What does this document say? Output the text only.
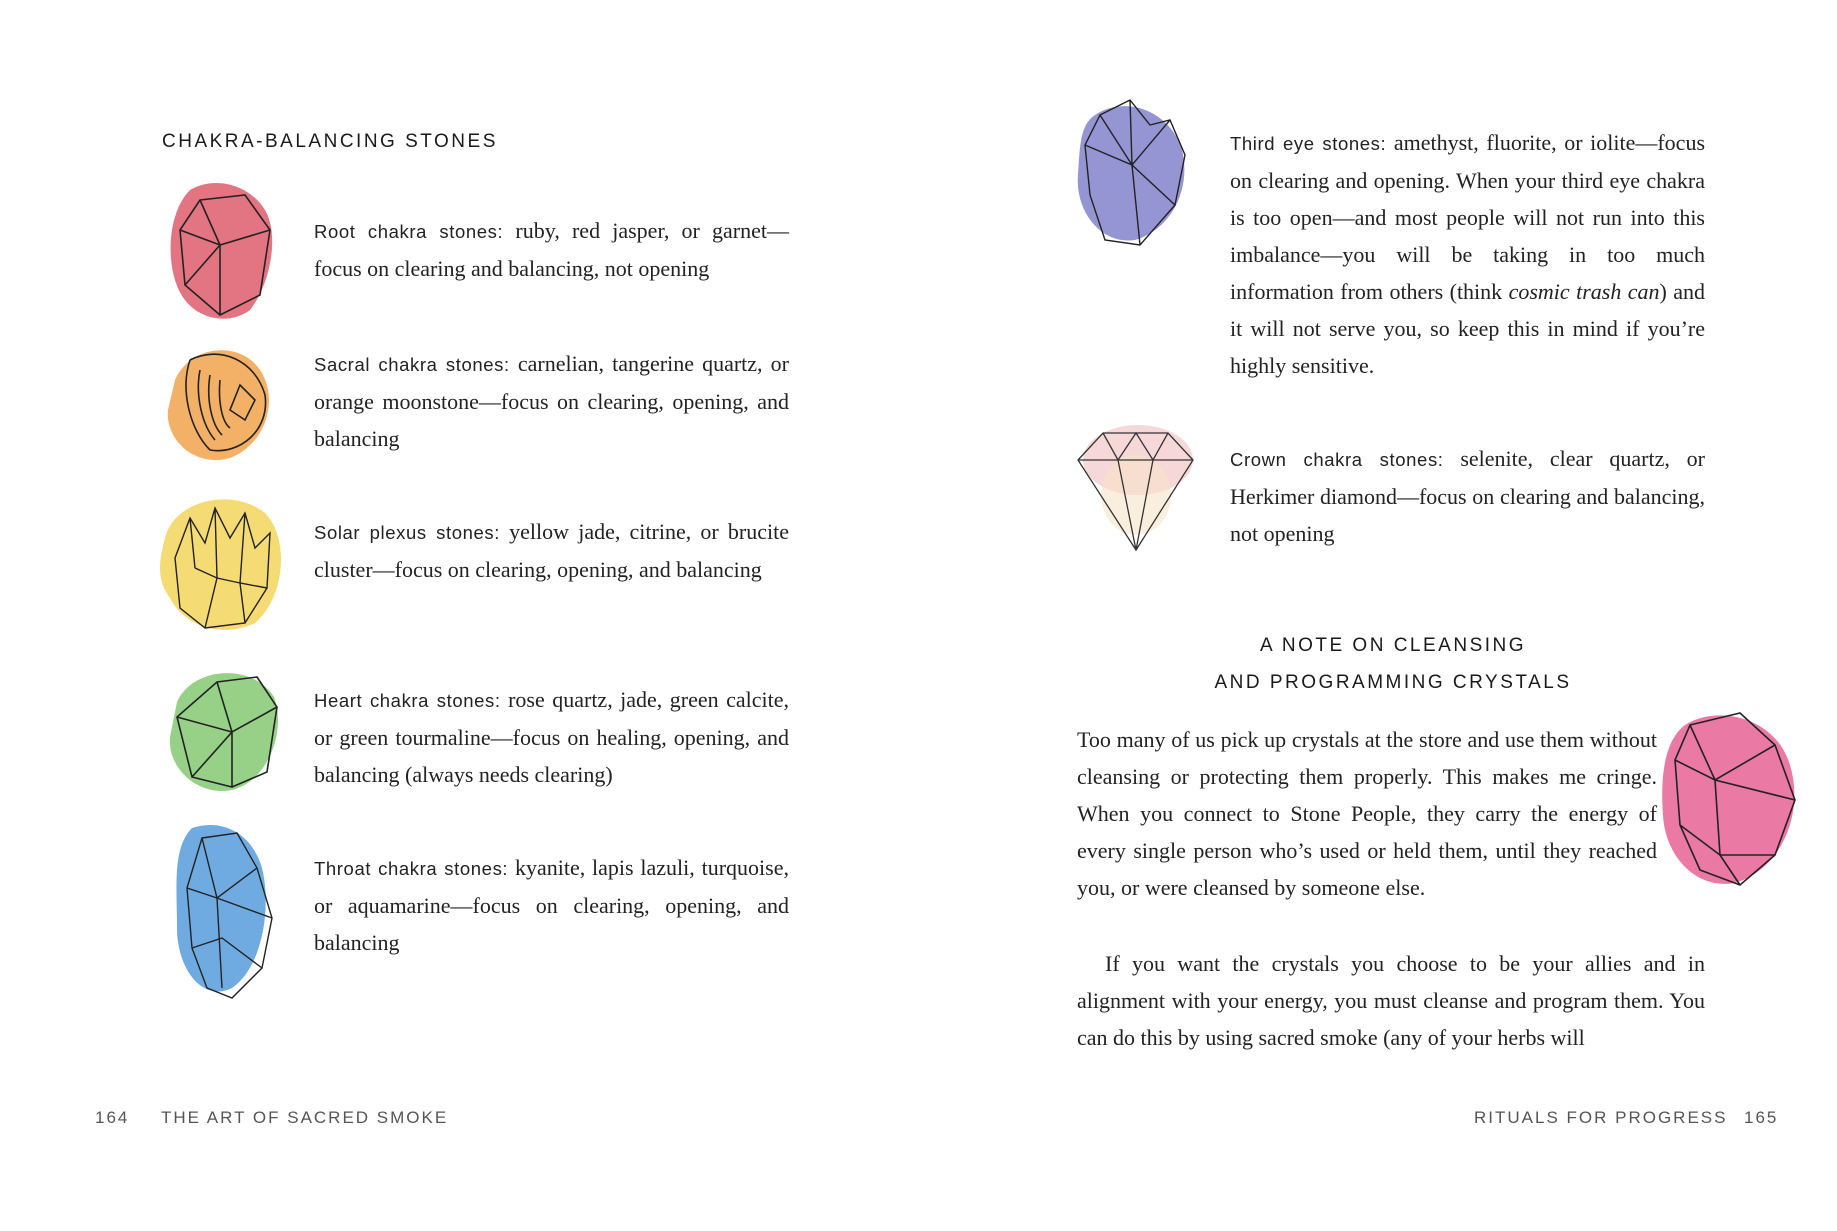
CHAKRA-BALANCING STONES
Root chakra stones: ruby, red jasper, or garnet—focus on clearing and balancing, not opening
Sacral chakra stones: carnelian, tangerine quartz, or orange moonstone—focus on clearing, opening, and balancing
Solar plexus stones: yellow jade, citrine, or brucite cluster—focus on clearing, opening, and balancing
Heart chakra stones: rose quartz, jade, green calcite, or green tourmaline—focus on healing, opening, and balancing (always needs clearing)
Throat chakra stones: kyanite, lapis lazuli, turquoise, or aquamarine—focus on clearing, opening, and balancing
164 THE ART OF SACRED SMOKE
Third eye stones: amethyst, fluorite, or iolite—focus on clearing and opening. When your third eye chakra is too open—and most people will not run into this imbalance—you will be taking in too much information from others (think cosmic trash can) and it will not serve you, so keep this in mind if you’re highly sensitive.
Crown chakra stones: selenite, clear quartz, or Herkimer diamond—focus on clearing and balancing, not opening
A NOTE ON CLEANSING
AND PROGRAMMING CRYSTALS
Too many of us pick up crystals at the store and use them without cleansing or protecting them properly. This makes me cringe. When you connect to Stone People, they carry the energy of every single person who’s used or held them, until they reached you, or were cleansed by someone else.
If you want the crystals you choose to be your allies and in alignment with your energy, you must cleanse and program them. You can do this by using sacred smoke (any of your herbs will
RITUALS FOR PROGRESS 165
